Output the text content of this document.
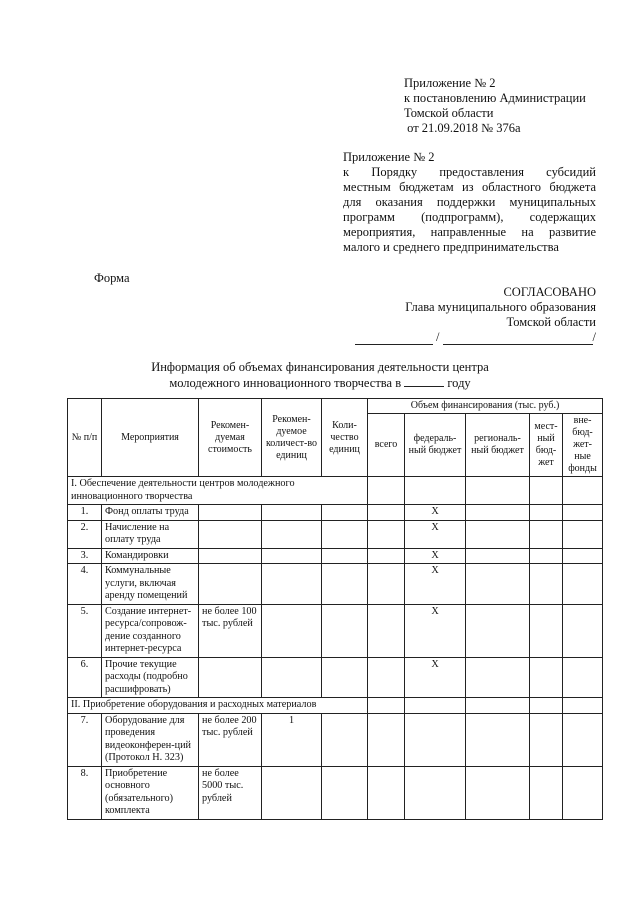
Приложение № 2
к постановлению Администрации
Томской области
от 21.09.2018 № 376а
Приложение № 2
к Порядку предоставления субсидий
местным бюджетам из областного бюджета
для оказания поддержки муниципальных
программ (подпрограмм), содержащих
мероприятия, направленные на развитие
малого и среднего предпринимательства
Форма
СОГЛАСОВАНО
Глава муниципального образования
Томской области
/	/
Информация об объемах финансирования деятельности центра
молодежного инновационного творчества в	году
№ п/п	Мероприятия	Рекомен-дуемая стоимость	Рекомен-дуемое количест-во единиц	Коли-чество единиц	Объем финансирования (тыс. руб.)				
					всего	федераль-ный бюджет	региональ-ный бюджет	мест-ный бюд-жет	вне-бюд-жет-ные фонды
I. Обеспечение деятельности центров молодежного инновационного творчества									
1.	Фонд оплаты труда					Х			
2.	Начисление на оплату труда					Х			
3.	Командировки					Х			
4.	Коммунальные услуги, включая аренду помещений					Х			
5.	Создание интернет-ресурса/сопровож-дение созданного интернет-ресурса	не более 100 тыс. рублей				Х			
6.	Прочие текущие расходы (подробно расшифровать)					Х			
II. Приобретение оборудования и расходных материалов									
7.	Оборудование для проведения видеоконферен-ций (Протокол H. 323)	не более 200 тыс. рублей	1						
8.	Приобретение основного (обязательного) комплекта	не более 5000 тыс. рублей							
